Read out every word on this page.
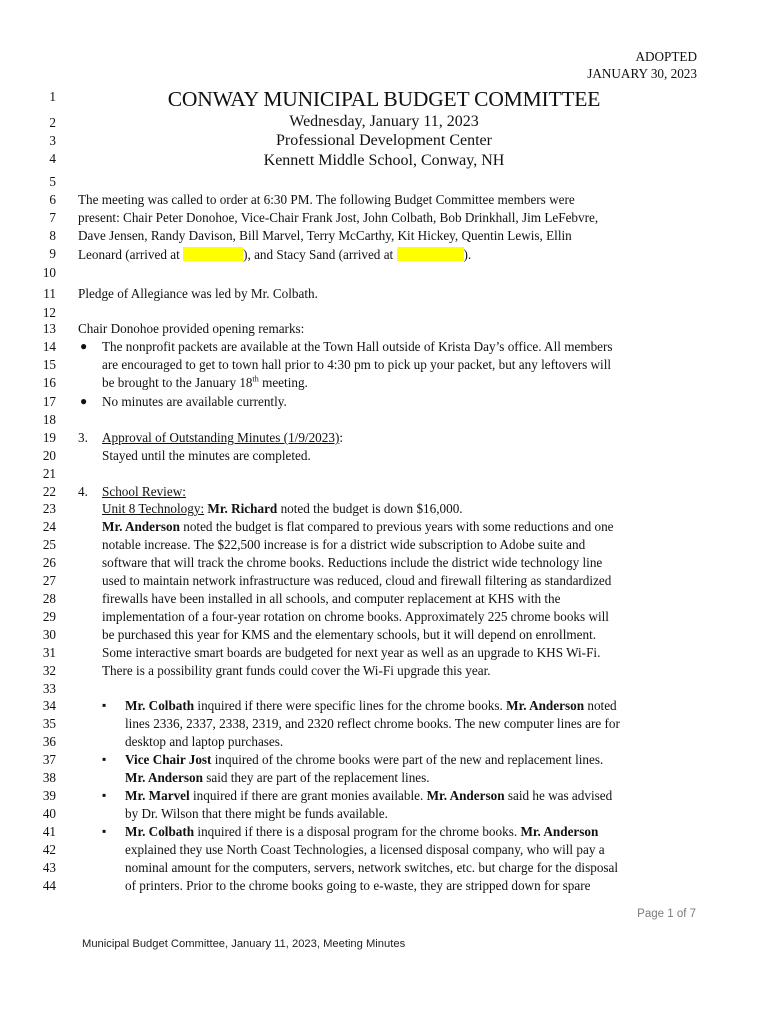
ADOPTED
JANUARY 30, 2023
1
2
3
4
5
6
7
8
9
10
11
12
13
14
15
16
17
18
19
20
21
22
23
24
25
26
27
28
29
30
31
32
33
34
35
36
37
38
39
40
41
42
43
44
CONWAY MUNICIPAL BUDGET COMMITTEE
Wednesday, January 11, 2023
Professional Development Center
Kennett Middle School, Conway, NH
The meeting was called to order at 6:30 PM. The following Budget Committee members were
present: Chair Peter Donohoe, Vice-Chair Frank Jost, John Colbath, Bob Drinkhall, Jim LeFebvre,
Dave Jensen, Randy Davison, Bill Marvel, Terry McCarthy, Kit Hickey, Quentin Lewis, Ellin
Leonard (arrived at	), and Stacy Sand (arrived at	).
Pledge of Allegiance was led by Mr. Colbath.
Chair Donohoe provided opening remarks:
● The nonprofit packets are available at the Town Hall outside of Krista Day’s office. All members
are encouraged to get to town hall prior to 4:30 pm to pick up your packet, but any leftovers will
be brought to the January 18th meeting.
● No minutes are available currently.
3. Approval of Outstanding Minutes (1/9/2023):
Stayed until the minutes are completed.
4. School Review:
Unit 8 Technology: Mr. Richard noted the budget is down $16,000.
Mr. Anderson noted the budget is flat compared to previous years with some reductions and one
notable increase. The $22,500 increase is for a district wide subscription to Adobe suite and
software that will track the chrome books. Reductions include the district wide technology line
used to maintain network infrastructure was reduced, cloud and firewall filtering as standardized
firewalls have been installed in all schools, and computer replacement at KHS with the
implementation of a four-year rotation on chrome books. Approximately 225 chrome books will
be purchased this year for KMS and the elementary schools, but it will depend on enrollment.
Some interactive smart boards are budgeted for next year as well as an upgrade to KHS Wi-Fi.
There is a possibility grant funds could cover the Wi-Fi upgrade this year.
▪ Mr. Colbath inquired if there were specific lines for the chrome books. Mr. Anderson noted
lines 2336, 2337, 2338, 2319, and 2320 reflect chrome books. The new computer lines are for
desktop and laptop purchases.
▪ Vice Chair Jost inquired of the chrome books were part of the new and replacement lines.
Mr. Anderson said they are part of the replacement lines.
▪ Mr. Marvel inquired if there are grant monies available. Mr. Anderson said he was advised
by Dr. Wilson that there might be funds available.
▪ Mr. Colbath inquired if there is a disposal program for the chrome books. Mr. Anderson
explained they use North Coast Technologies, a licensed disposal company, who will pay a
nominal amount for the computers, servers, network switches, etc. but charge for the disposal
of printers. Prior to the chrome books going to e-waste, they are stripped down for spare
Page 1 of 7
Municipal Budget Committee, January 11, 2023, Meeting Minutes
